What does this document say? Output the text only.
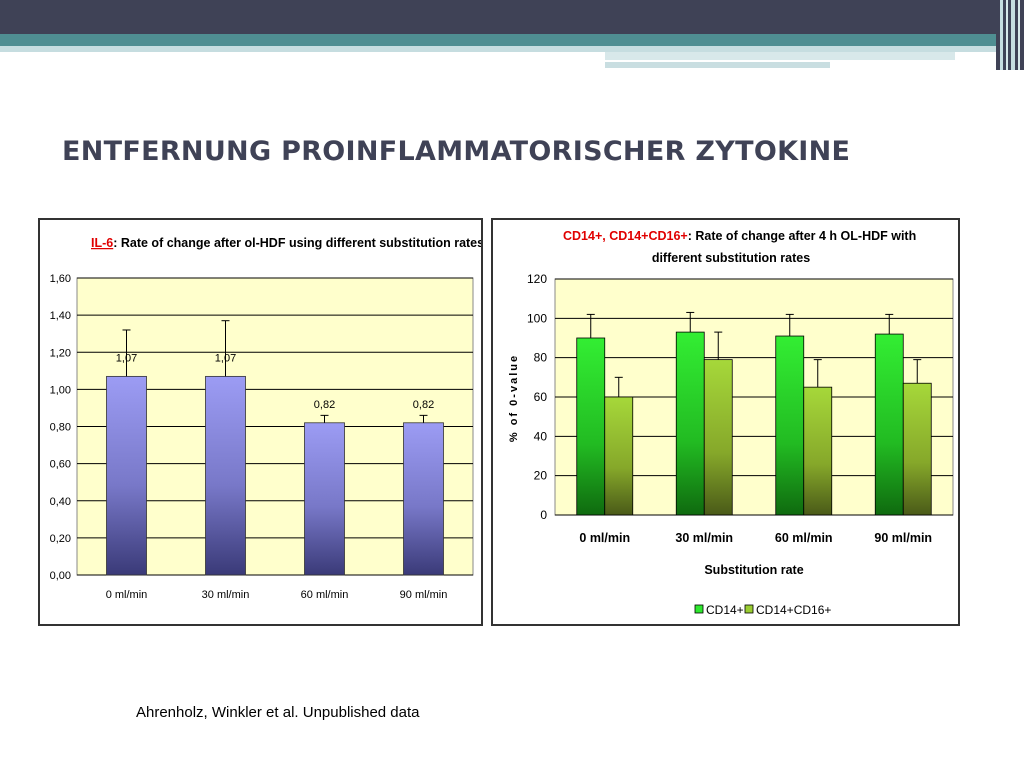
ENTFERNUNG PROINFLAMMATORISCHER ZYTOKINE
IL-6: Rate of change after ol-HDF using different substitution rates
0,00
0,20
0,40
0,60
0,80
1,00
1,20
1,40
1,60
1,07	1,07
0,82	0,82
0 ml/min	30 ml/min	60 ml/min	90 ml/min
CD14+, CD14+CD16+: Rate of change after 4 h OL-HDF with
different substitution rates
0
20
40
60
80
100
120
0 ml/min	30 ml/min	60 ml/min	90 ml/min
% of 0-value
Substitution rate
CD14+ CD14+CD16+
Ahrenholz, Winkler et al. Unpublished data
